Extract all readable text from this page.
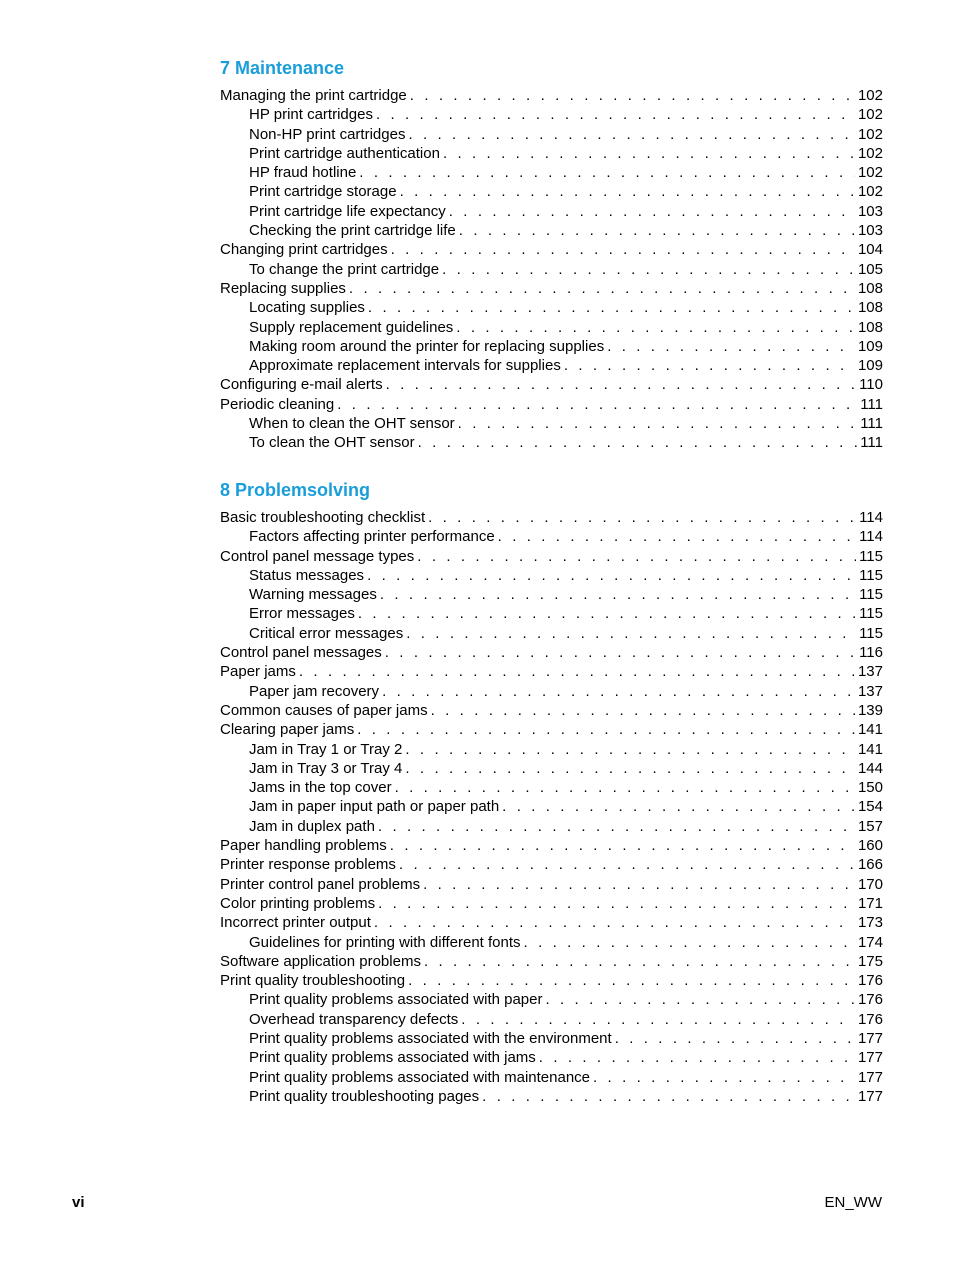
7 Maintenance
Managing the print cartridge . . .	102
HP print cartridges . . .	102
Non-HP print cartridges . . .	102
Print cartridge authentication . . .	102
HP fraud hotline . . .	102
Print cartridge storage . . .	102
Print cartridge life expectancy . . .	103
Checking the print cartridge life . . .	103
Changing print cartridges . . .	104
To change the print cartridge . . .	105
Replacing supplies . . .	108
Locating supplies . . .	108
Supply replacement guidelines . . .	108
Making room around the printer for replacing supplies . . .	109
Approximate replacement intervals for supplies . . .	109
Configuring e-mail alerts . . .	110
Periodic cleaning . . .	111
When to clean the OHT sensor . . .	111
To clean the OHT sensor . . .	111
8 Problemsolving
Basic troubleshooting checklist . . .	114
Factors affecting printer performance . . .	114
Control panel message types . . .	115
Status messages . . .	115
Warning messages . . .	115
Error messages . . .	115
Critical error messages . . .	115
Control panel messages . . .	116
Paper jams . . .	137
Paper jam recovery . . .	137
Common causes of paper jams . . .	139
Clearing paper jams . . .	141
Jam in Tray 1 or Tray 2 . . .	141
Jam in Tray 3 or Tray 4 . . .	144
Jams in the top cover . . .	150
Jam in paper input path or paper path . . .	154
Jam in duplex path . . .	157
Paper handling problems . . .	160
Printer response problems . . .	166
Printer control panel problems . . .	170
Color printing problems . . .	171
Incorrect printer output . . .	173
Guidelines for printing with different fonts . . .	174
Software application problems . . .	175
Print quality troubleshooting . . .	176
Print quality problems associated with paper . . .	176
Overhead transparency defects . . .	176
Print quality problems associated with the environment . . .	177
Print quality problems associated with jams . . .	177
Print quality problems associated with maintenance . . .	177
Print quality troubleshooting pages . . .	177
vi	EN_WW
